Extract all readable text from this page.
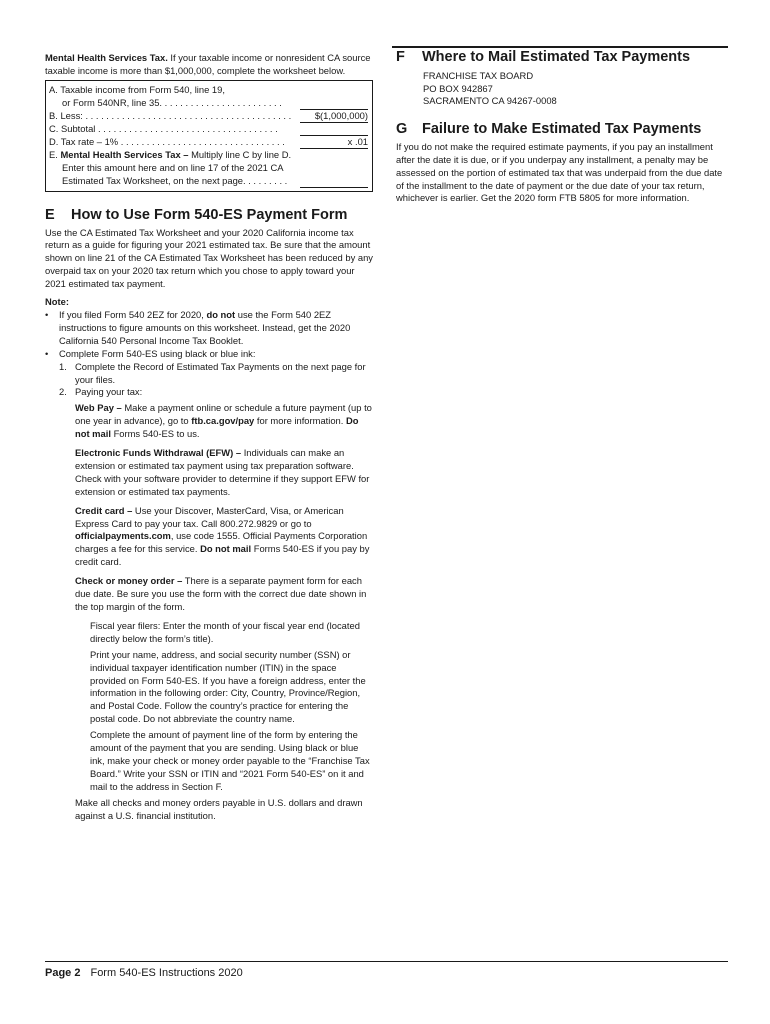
Mental Health Services Tax. If your taxable income or nonresident CA source taxable income is more than $1,000,000, complete the worksheet below.

A. Taxable income from Form 540, line 19,
or Form 540NR, line 35. . . . . . . . . . . . . . . . . . . . . . . .
B. Less: . . . . . . . . . . . . . . . . . . . . . . . . . . . . . . . . . . . . . . . .	$(1,000,000)
C. Subtotal . . . . . . . . . . . . . . . . . . . . . . . . . . . . . . . . . . .
D. Tax rate – 1% . . . . . . . . . . . . . . . . . . . . . . . . . . . . . . . .	x .01
E. Mental Health Services Tax – Multiply line C by line D.
Enter this amount here and on line 17 of the 2021 CA
Estimated Tax Worksheet, on the next page. . . . . . . . .
E	How to Use Form 540-ES Payment Form

Use the CA Estimated Tax Worksheet and your 2020 California income tax return as a guide for figuring your 2021 estimated tax. Be sure that the amount shown on line 21 of the CA Estimated Tax Worksheet has been reduced by any overpaid tax on your 2020 tax return which you chose to apply toward your 2021 estimated tax payment.

Note:

•	If you filed Form 540 2EZ for 2020, do not use the Form 540 2EZ instructions to figure amounts on this worksheet. Instead, get the 2020 California 540 Personal Income Tax Booklet.
•	Complete Form 540-ES using black or blue ink:
1. Complete the Record of Estimated Tax Payments on the next page for your files.
2. Paying your tax:

Web Pay – Make a payment online or schedule a future payment (up to one year in advance), go to ftb.ca.gov/pay for more information. Do not mail Forms 540-ES to us.

Electronic Funds Withdrawal (EFW) – Individuals can make an extension or estimated tax payment using tax preparation software. Check with your software provider to determine if they support EFW for extension or estimated tax payments.

Credit card – Use your Discover, MasterCard, Visa, or American Express Card to pay your tax. Call 800.272.9829 or go to officialpayments.com, use code 1555. Official Payments Corporation charges a fee for this service. Do not mail Forms 540-ES if you pay by credit card.

Check or money order – There is a separate payment form for each due date. Be sure you use the form with the correct due date shown in the top margin of the form.

Fiscal year filers: Enter the month of your fiscal year end (located directly below the form’s title).

Print your name, address, and social security number (SSN) or individual taxpayer identification number (ITIN) in the space provided on Form 540-ES. If you have a foreign address, enter the information in the following order: City, Country, Province/Region, and Postal Code. Follow the country’s practice for entering the postal code. Do not abbreviate the country name.

Complete the amount of payment line of the form by entering the amount of the payment that you are sending. Using black or blue ink, make your check or money order payable to the “Franchise Tax Board.” Write your SSN or ITIN and “2021 Form 540-ES” on it and mail to the address in Section F.

Make all checks and money orders payable in U.S. dollars and drawn against a U.S. financial institution.

F	Where to Mail Estimated Tax Payments
FRANCHISE TAX BOARD
PO BOX 942867
SACRAMENTO CA 94267-0008
G	Failure to Make Estimated Tax Payments

If you do not make the required estimate payments, if you pay an installment after the date it is due, or if you underpay any installment, a penalty may be assessed on the portion of estimated tax that was underpaid from the due date of the installment to the date of payment or the due date of your tax return, whichever is earlier. Get the 2020 form FTB 5805 for more information.

Page 2 Form 540-ES Instructions 2020
